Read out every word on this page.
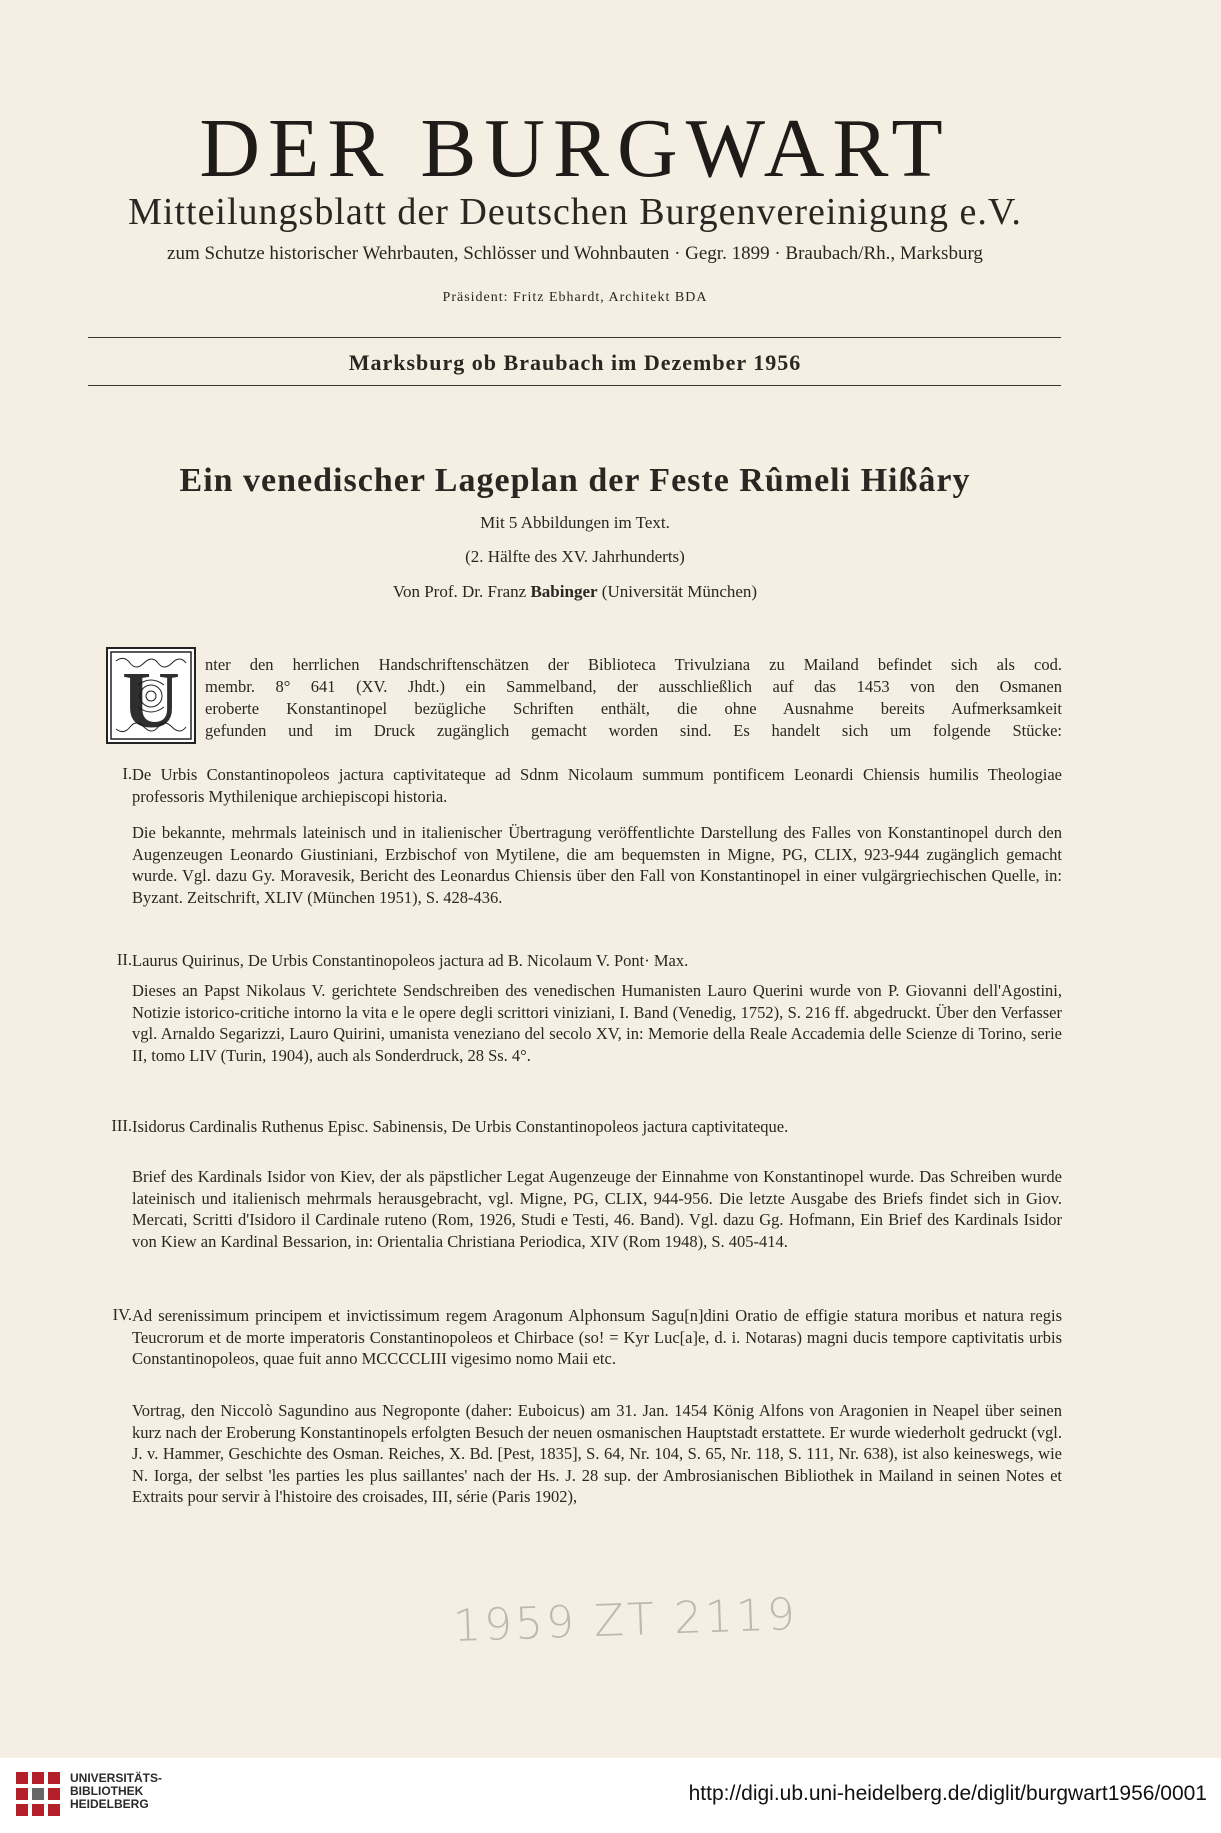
DER BURGWART
Mitteilungsblatt der Deutschen Burgenvereinigung e.V.
zum Schutze historischer Wehrbauten, Schlösser und Wohnbauten · Gegr. 1899 · Braubach/Rh., Marksburg
Präsident: Fritz Ebhardt, Architekt BDA
Marksburg ob Braubach im Dezember 1956
Ein venedischer Lageplan der Feste Rûmeli Hißâry
Mit 5 Abbildungen im Text.
(2. Hälfte des XV. Jahrhunderts)
Von Prof. Dr. Franz Babinger (Universität München)
U nter den herrlichen Handschriftenschätzen der Biblioteca Trivulziana zu Mailand befindet sich als cod.
membr. 8° 641 (XV. Jhdt.) ein Sammelband, der ausschließlich auf das 1453 von den Osmanen
eroberte Konstantinopel bezügliche Schriften enthält, die ohne Ausnahme bereits Aufmerksamkeit
gefunden und im Druck zugänglich gemacht worden sind. Es handelt sich um folgende Stücke:
I. De Urbis Constantinopoleos jactura captivitateque ad Sdnm Nicolaum summum pontificem Leonardi Chiensis humilis Theologiae professoris Mythilenique archiepiscopi historia.
Die bekannte, mehrmals lateinisch und in italienischer Übertragung veröffentlichte Darstellung des Falles von Konstantinopel durch den Augenzeugen Leonardo Giustiniani, Erzbischof von Mytilene, die am bequemsten in Migne, PG, CLIX, 923-944 zugänglich gemacht wurde. Vgl. dazu Gy. Moravesik, Bericht des Leonardus Chiensis über den Fall von Konstantinopel in einer vulgärgriechischen Quelle, in: Byzant. Zeitschrift, XLIV (München 1951), S. 428-436.
II. Laurus Quirinus, De Urbis Constantinopoleos jactura ad B. Nicolaum V. Pont· Max.
Dieses an Papst Nikolaus V. gerichtete Sendschreiben des venedischen Humanisten Lauro Querini wurde von P. Giovanni dell'Agostini, Notizie istorico-critiche intorno la vita e le opere degli scrittori viniziani, I. Band (Venedig, 1752), S. 216 ff. abgedruckt. Über den Verfasser vgl. Arnaldo Segarizzi, Lauro Quirini, umanista veneziano del secolo XV, in: Memorie della Reale Accademia delle Scienze di Torino, serie II, tomo LIV (Turin, 1904), auch als Sonderdruck, 28 Ss. 4°.
III. Isidorus Cardinalis Ruthenus Episc. Sabinensis, De Urbis Constantinopoleos jactura captivitateque.
Brief des Kardinals Isidor von Kiev, der als päpstlicher Legat Augenzeuge der Einnahme von Konstantinopel wurde. Das Schreiben wurde lateinisch und italienisch mehrmals herausgebracht, vgl. Migne, PG, CLIX, 944-956. Die letzte Ausgabe des Briefs findet sich in Giov. Mercati, Scritti d'Isidoro il Cardinale ruteno (Rom, 1926, Studi e Testi, 46. Band). Vgl. dazu Gg. Hofmann, Ein Brief des Kardinals Isidor von Kiew an Kardinal Bessarion, in: Orientalia Christiana Periodica, XIV (Rom 1948), S. 405-414.
IV. Ad serenissimum principem et invictissimum regem Aragonum Alphonsum Sagu[n]dini Oratio de effigie statura moribus et natura regis Teucrorum et de morte imperatoris Constantinopoleos et Chirbace (so! = Kyr Luc[a]e, d. i. Notaras) magni ducis tempore captivitatis urbis Constantinopoleos, quae fuit anno MCCCCLIII vigesimo nomo Maii etc.
Vortrag, den Niccolò Sagundino aus Negroponte (daher: Euboicus) am 31. Jan. 1454 König Alfons von Aragonien in Neapel über seinen kurz nach der Eroberung Konstantinopels erfolgten Besuch der neuen osmanischen Hauptstadt erstattete. Er wurde wiederholt gedruckt (vgl. J. v. Hammer, Geschichte des Osman. Reiches, X. Bd. [Pest, 1835], S. 64, Nr. 104, S. 65, Nr. 118, S. 111, Nr. 638), ist also keineswegs, wie N. Iorga, der selbst 'les parties les plus saillantes' nach der Hs. J. 28 sup. der Ambrosianischen Bibliothek in Mailand in seinen Notes et Extraits pour servir à l'histoire des croisades, III, série (Paris 1902),
1959 ZT 2119
UNIVERSITÄTS-
BIBLIOTHEK
HEIDELBERG	http://digi.ub.uni-heidelberg.de/diglit/burgwart1956/0001
